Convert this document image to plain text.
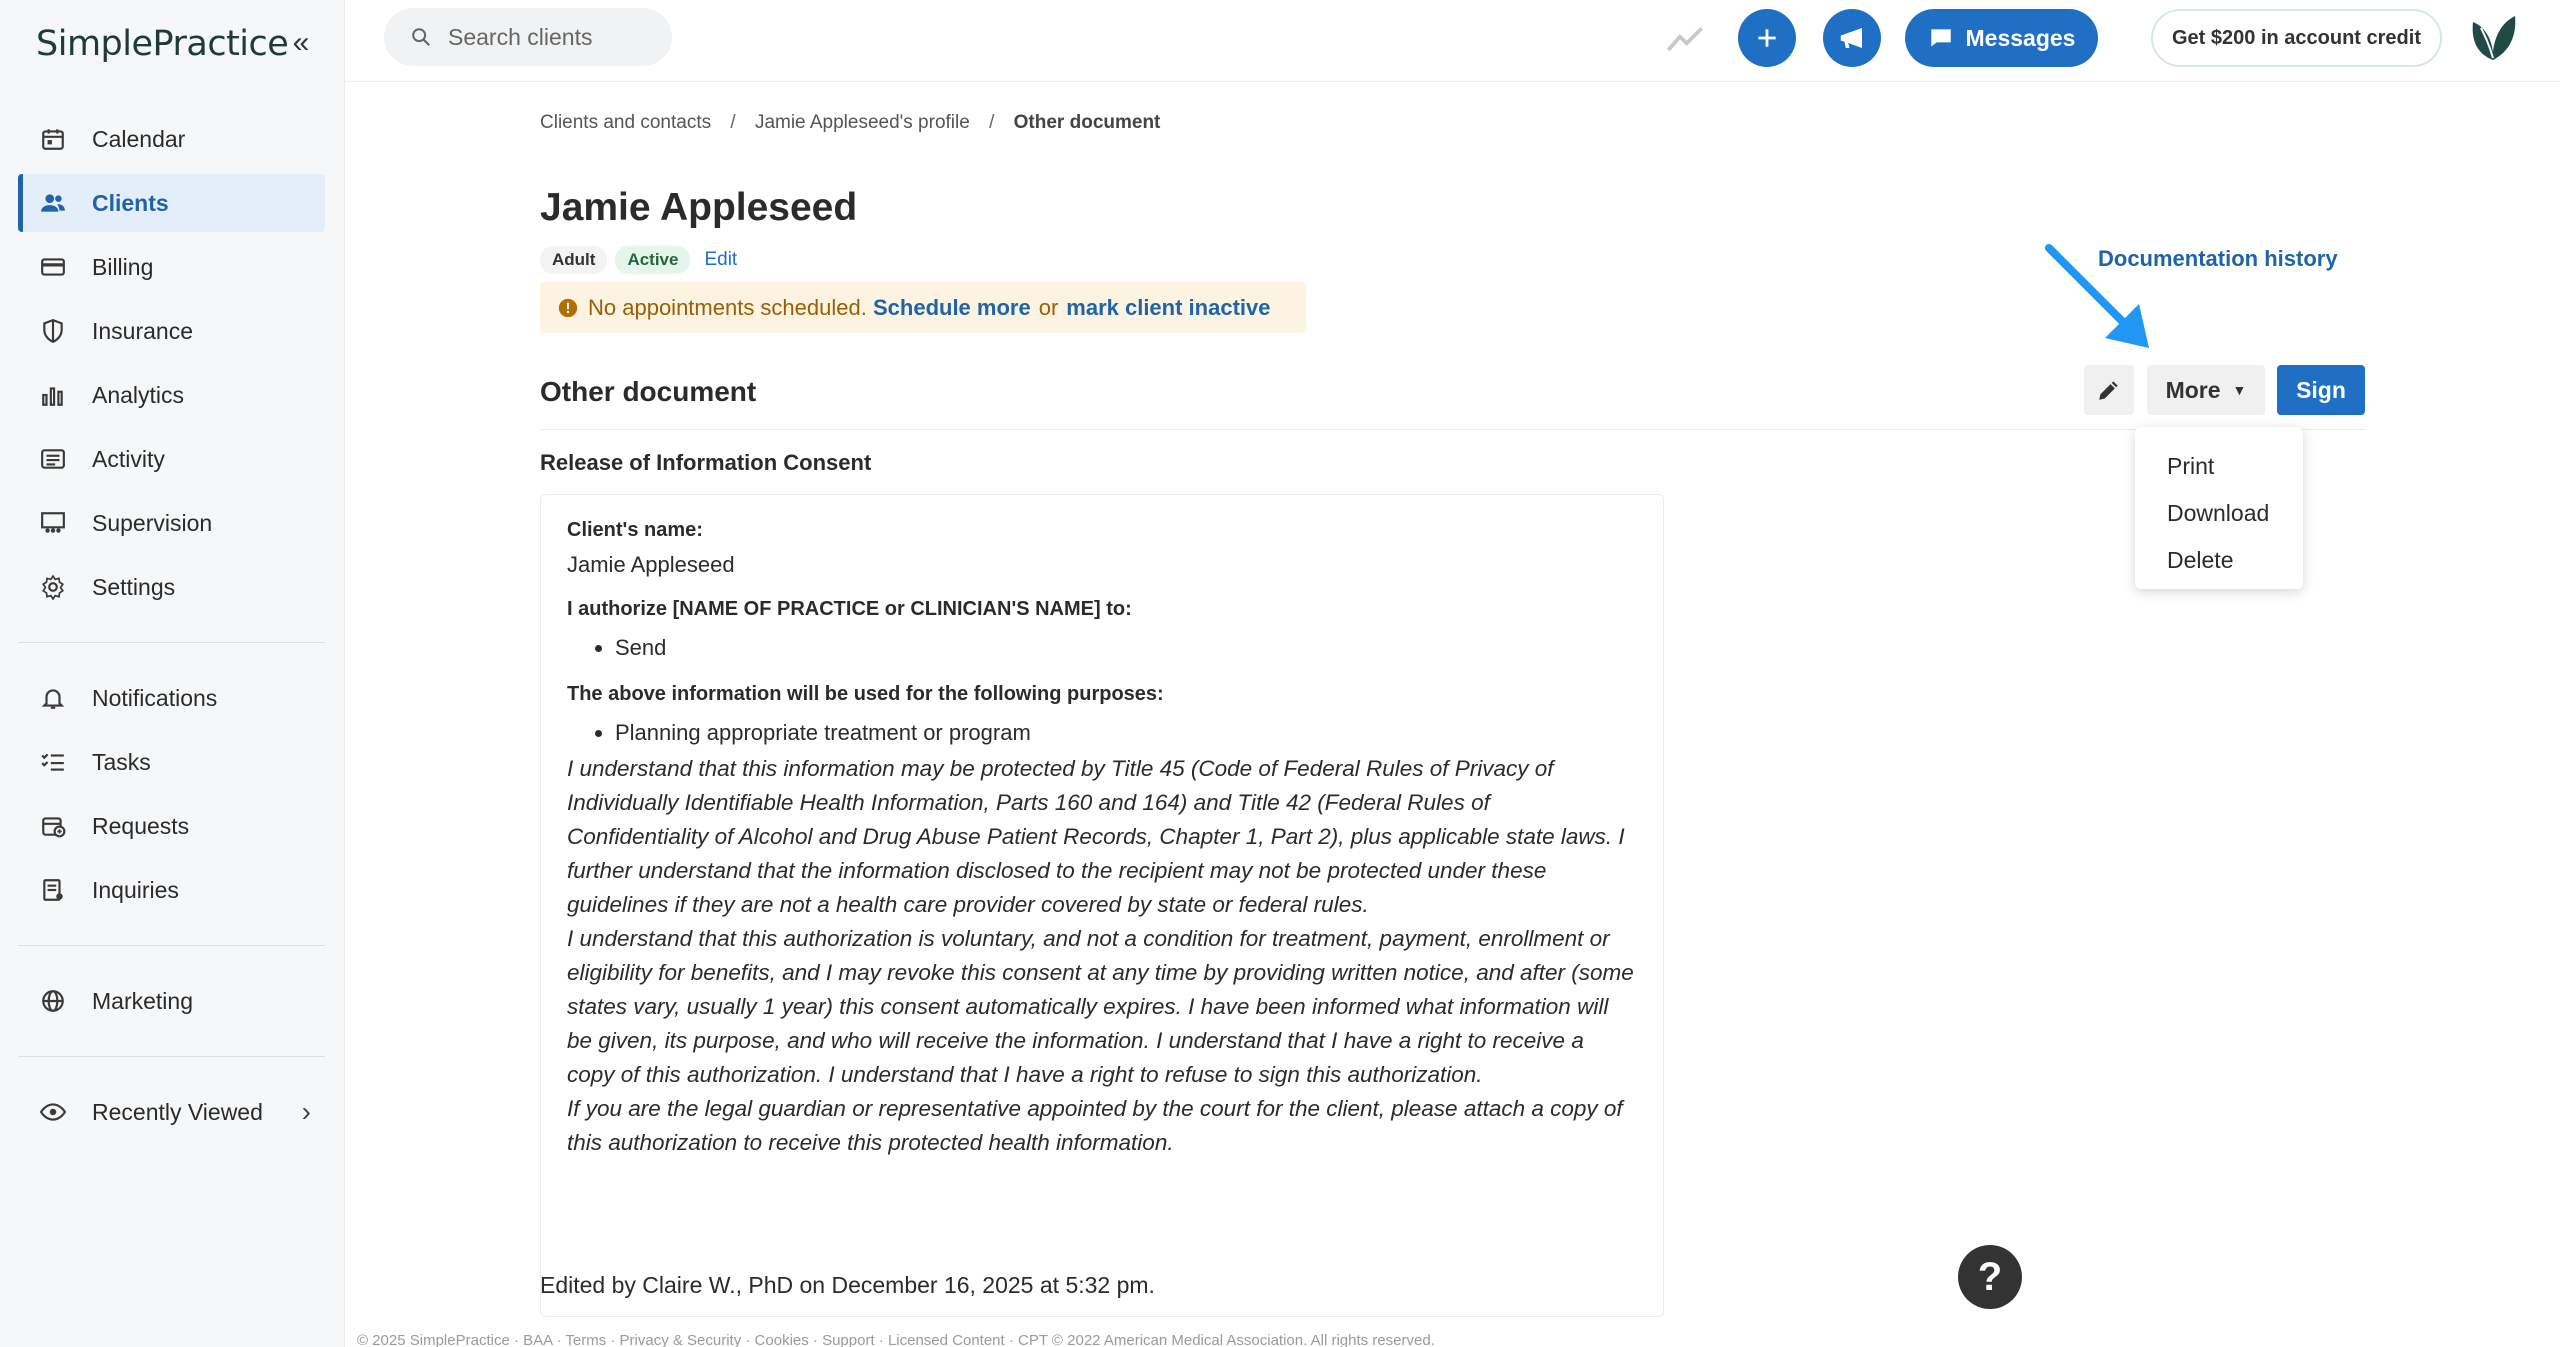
SimplePractice «
Calendar
Clients
Billing
Insurance
Analytics
Activity
Supervision
Settings
Notifications
Tasks
Requests
Inquiries
Marketing
Recently Viewed ›
Search clients	Messages	Get $200 in account credit
Clients and contacts / Jamie Appleseed's profile / Other document
Jamie Appleseed
Adult	Active	Edit
No appointments scheduled.
Schedule more or mark client inactive
Documentation history
Other document	More ▼	Sign
Print
Download
Delete
Release of Information Consent
Client's name:
Jamie Appleseed
I authorize [NAME OF PRACTICE or CLINICIAN'S NAME] to:
• Send
The above information will be used for the following purposes:
• Planning appropriate treatment or program

I understand that this information may be protected by Title 45 (Code of Federal Rules of Privacy of Individually Identifiable Health Information, Parts 160 and 164) and Title 42 (Federal Rules of Confidentiality of Alcohol and Drug Abuse Patient Records, Chapter 1, Part 2), plus applicable state laws. I further understand that the information disclosed to the recipient may not be protected under these guidelines if they are not a health care provider covered by state or federal rules.

I understand that this authorization is voluntary, and not a condition for treatment, payment, enrollment or eligibility for benefits, and I may revoke this consent at any time by providing written notice, and after (some states vary, usually 1 year) this consent automatically expires. I have been informed what information will be given, its purpose, and who will receive the information. I understand that I have a right to receive a copy of this authorization. I understand that I have a right to refuse to sign this authorization.

If you are the legal guardian or representative appointed by the court for the client, please attach a copy of this authorization to receive this protected health information.

Edited by Claire W., PhD on December 16, 2025 at 5:32 pm.
© 2025 SimplePractice · BAA · Terms · Privacy & Security · Cookies · Support · Licensed Content · CPT © 2022 American Medical Association. All rights reserved.
?
